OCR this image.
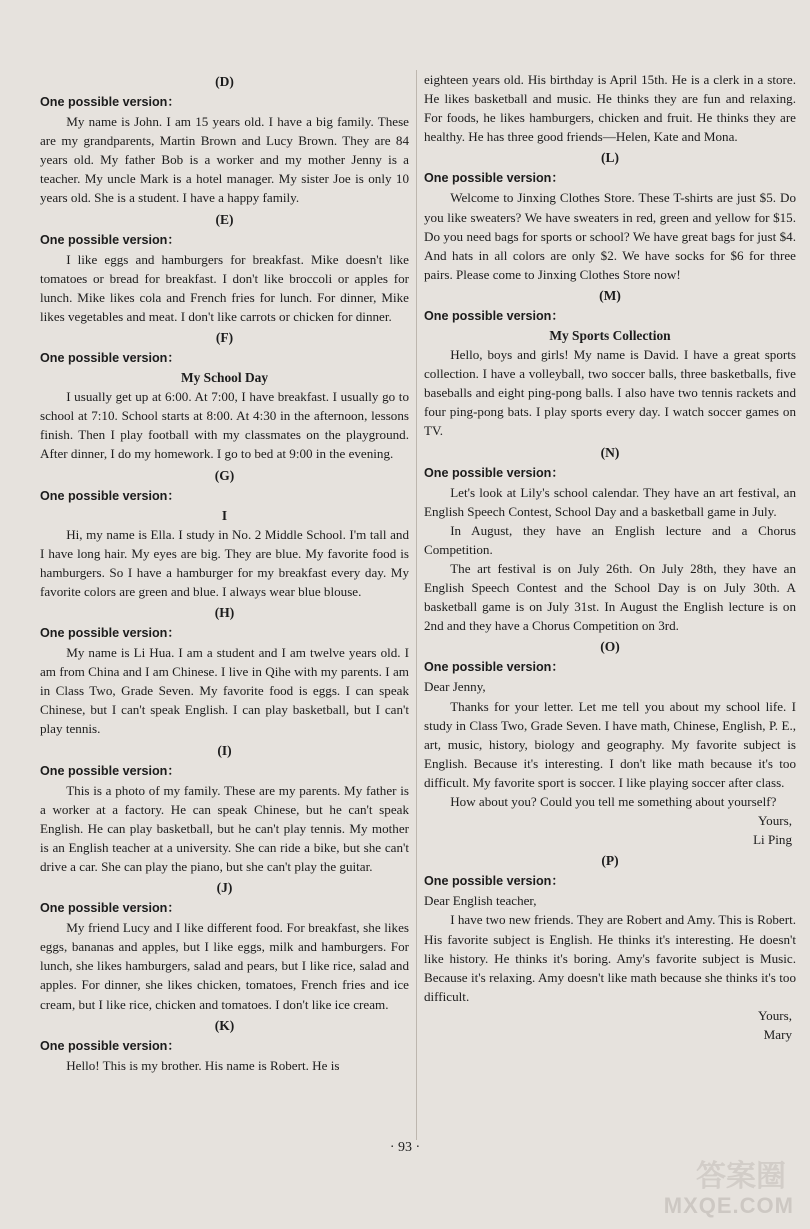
(D)
One possible version：

My name is John. I am 15 years old. I have a big family. These are my grandparents, Martin Brown and Lucy Brown. They are 84 years old. My father Bob is a worker and my mother Jenny is a teacher. My uncle Mark is a hotel manager. My sister Joe is only 10 years old. She is a student. I have a happy family.

(E)
One possible version：

I like eggs and hamburgers for breakfast. Mike doesn't like tomatoes or bread for breakfast. I don't like broccoli or apples for lunch. Mike likes cola and French fries for lunch. For dinner, Mike likes vegetables and meat. I don't like carrots or chicken for dinner.

(F)
One possible version：
My School Day

I usually get up at 6:00. At 7:00, I have breakfast. I usually go to school at 7:10. School starts at 8:00. At 4:30 in the afternoon, lessons finish. Then I play football with my classmates on the playground. After dinner, I do my homework. I go to bed at 9:00 in the evening.

(G)
One possible version：
I

Hi, my name is Ella. I study in No. 2 Middle School. I'm tall and I have long hair. My eyes are big. They are blue. My favorite food is hamburgers. So I have a hamburger for my breakfast every day. My favorite colors are green and blue. I always wear blue blouse.

(H)
One possible version：

My name is Li Hua. I am a student and I am twelve years old. I am from China and I am Chinese. I live in Qihe with my parents. I am in Class Two, Grade Seven. My favorite food is eggs. I can speak Chinese, but I can't speak English. I can play basketball, but I can't play tennis.

(I)
One possible version：

This is a photo of my family. These are my parents. My father is a worker at a factory. He can speak Chinese, but he can't speak English. He can play basketball, but he can't play tennis. My mother is an English teacher at a university. She can ride a bike, but she can't drive a car. She can play the piano, but she can't play the guitar.

(J)
One possible version：

My friend Lucy and I like different food. For breakfast, she likes eggs, bananas and apples, but I like eggs, milk and hamburgers. For lunch, she likes hamburgers, salad and pears, but I like rice, salad and apples. For dinner, she likes chicken, tomatoes, French fries and ice cream, but I like rice, chicken and tomatoes. I don't like ice cream.

(K)
One possible version：

Hello! This is my brother. His name is Robert. He is

eighteen years old. His birthday is April 15th. He is a clerk in a store. He likes basketball and music. He thinks they are fun and relaxing. For foods, he likes hamburgers, chicken and fruit. He thinks they are healthy. He has three good friends—Helen, Kate and Mona.

(L)
One possible version：

Welcome to Jinxing Clothes Store. These T-shirts are just $5. Do you like sweaters? We have sweaters in red, green and yellow for $15. Do you need bags for sports or school? We have great bags for just $4. And hats in all colors are only $2. We have socks for $6 for three pairs. Please come to Jinxing Clothes Store now!

(M)
One possible version：
My Sports Collection

Hello, boys and girls! My name is David. I have a great sports collection. I have a volleyball, two soccer balls, three basketballs, five baseballs and eight ping-pong balls. I also have two tennis rackets and four ping-pong bats. I play sports every day. I watch soccer games on TV.

(N)
One possible version：

Let's look at Lily's school calendar. They have an art festival, an English Speech Contest, School Day and a basketball game in July.

In August, they have an English lecture and a Chorus Competition.

The art festival is on July 26th. On July 28th, they have an English Speech Contest and the School Day is on July 30th. A basketball game is on July 31st. In August the English lecture is on 2nd and they have a Chorus Competition on 3rd.

(O)
One possible version：

Dear Jenny,

Thanks for your letter. Let me tell you about my school life. I study in Class Two, Grade Seven. I have math, Chinese, English, P. E., art, music, history, biology and geography. My favorite subject is English. Because it's interesting. I don't like math because it's too difficult. My favorite sport is soccer. I like playing soccer after class.

How about you? Could you tell me something about yourself?

Yours,

Li Ping

(P)
One possible version：

Dear English teacher,

I have two new friends. They are Robert and Amy. This is Robert. His favorite subject is English. He thinks it's interesting. He doesn't like history. He thinks it's boring. Amy's favorite subject is Music. Because it's relaxing. Amy doesn't like math because she thinks it's too difficult.

Yours,

Mary

· 93 ·
答案圈
MXQE.COM
